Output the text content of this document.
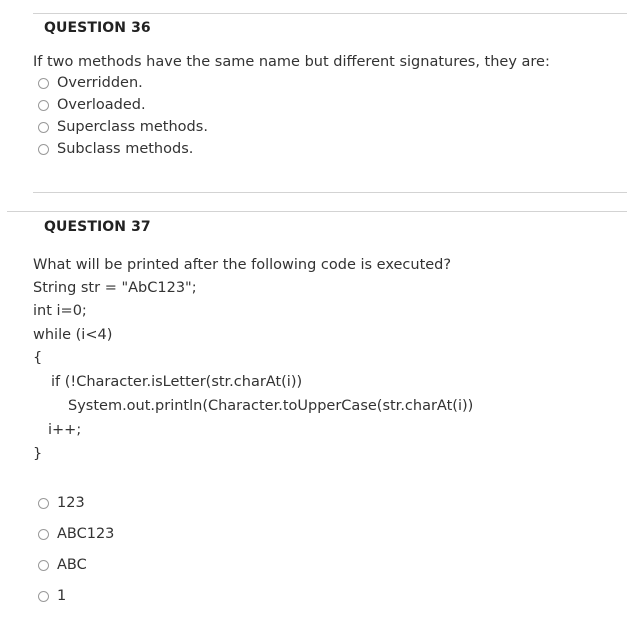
QUESTION 36
If two methods have the same name but different signatures, they are:
Overridden.
Overloaded.
Superclass methods.
Subclass methods.
QUESTION 37
What will be printed after the following code is executed?
String str = "AbC123";
int i=0;
while (i<4)
{
if (!Character.isLetter(str.charAt(i))
System.out.println(Character.toUpperCase(str.charAt(i))
i++;
}
123
ABC123
ABC
1
